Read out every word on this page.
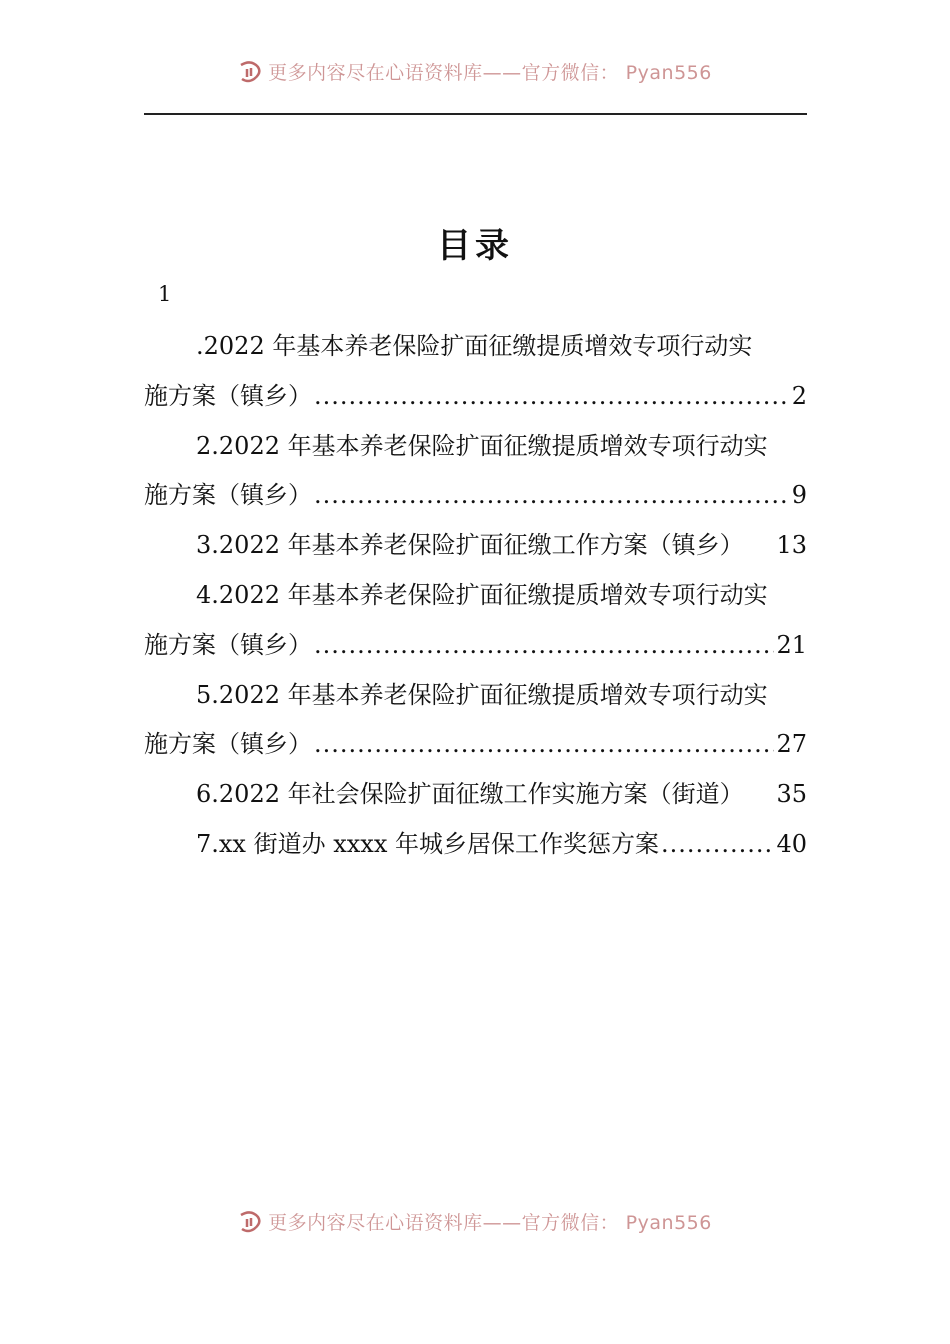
更多内容尽在心语资料库——官方微信： Pyan556
目录
1
.2022 年基本养老保险扩面征缴提质增效专项行动实
施方案（镇乡） .....	2
2.2022 年基本养老保险扩面征缴提质增效专项行动实
施方案（镇乡） .....	9
3.2022 年基本养老保险扩面征缴工作方案（镇乡） 13
4.2022 年基本养老保险扩面征缴提质增效专项行动实
施方案（镇乡） .....	21
5.2022 年基本养老保险扩面征缴提质增效专项行动实
施方案（镇乡） .....	27
6.2022 年社会保险扩面征缴工作实施方案（街道） 35
7.xx 街道办 xxxx 年城乡居保工作奖惩方案 .....	40
更多内容尽在心语资料库——官方微信： Pyan556
